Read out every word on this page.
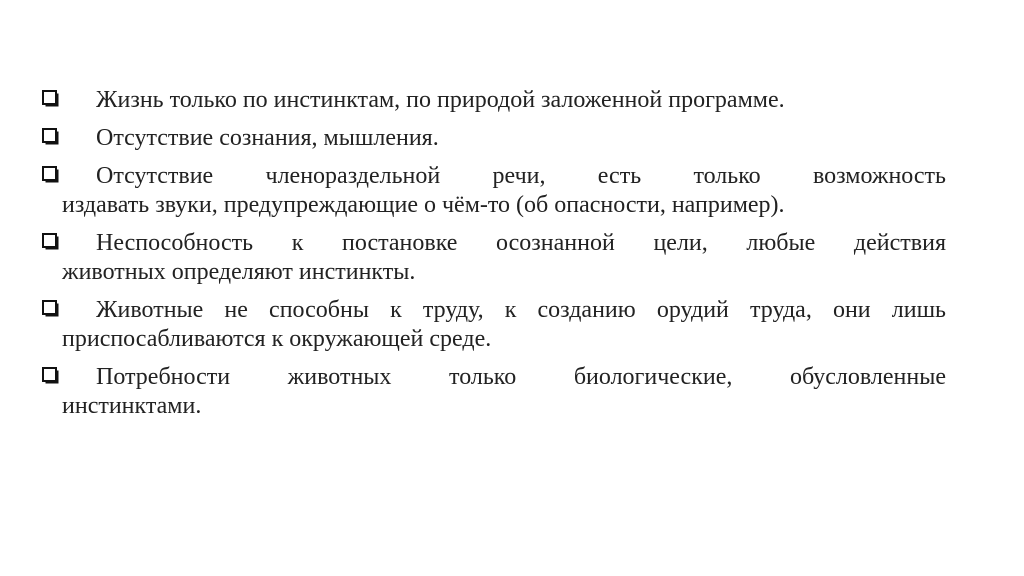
Жизнь только по инстинктам, по природой заложенной программе.
Отсутствие сознания, мышления.
Отсутствие членораздельной речи, есть только возможность
издавать звуки, предупреждающие о чём-то (об опасности, например).
Неспособность к постановке осознанной цели, любые действия
животных определяют инстинкты.
Животные не способны к труду, к созданию орудий труда, они лишь
приспосабливаются к окружающей среде.
Потребности животных только биологические, обусловленные
инстинктами.
